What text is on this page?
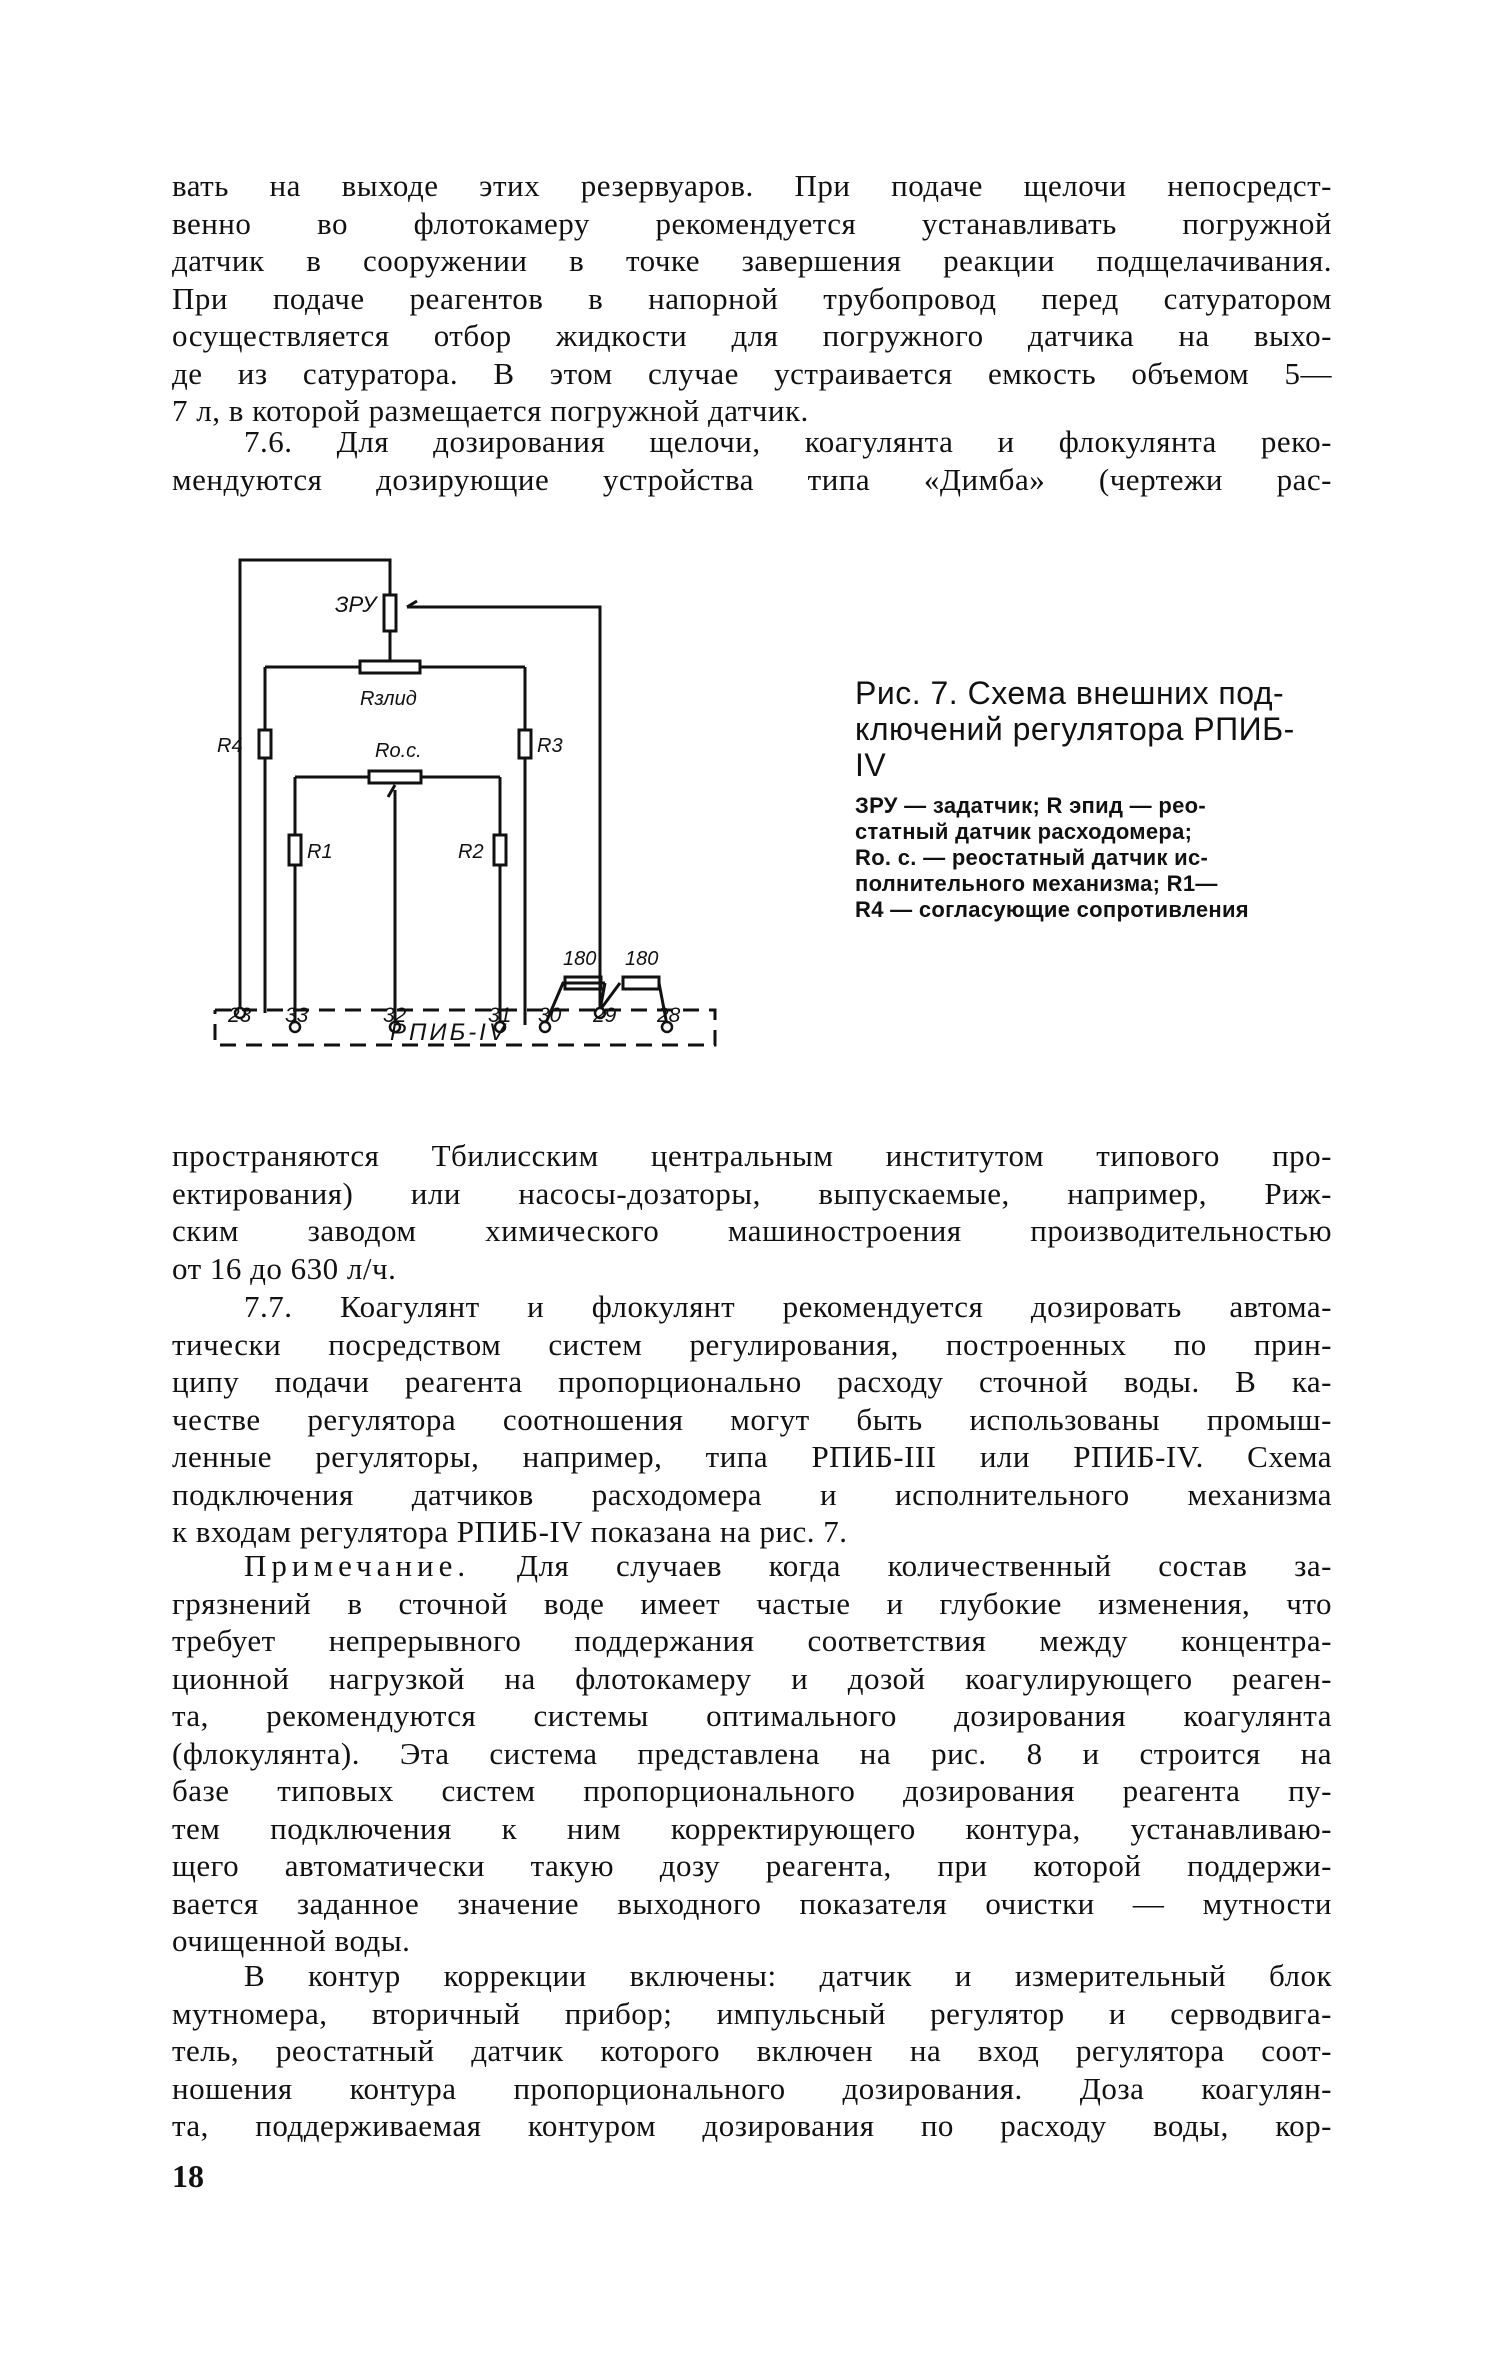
вать на выходе этих резервуаров. При подаче щелочи непосредст-
венно во флотокамеру рекомендуется устанавливать погружной
датчик в сооружении в точке завершения реакции подщелачивания.
При подаче реагентов в напорной трубопровод перед сатуратором
осуществляется отбор жидкости для погружного датчика на выхо-
де из сатуратора. В этом случае устраивается емкость объемом 5—
7 л, в которой размещается погружной датчик.

7.6. Для дозирования щелочи, коагулянта и флокулянта реко-
мендуются дозирующие устройства типа «Димба» (чертежи рас-

ЗРУ
Rзлид
Rо.с.
R4	R3
R1	R2
180 180
23 33	32	31 30 29 28
РПИБ-IV

Рис. 7. Схема внешних под-
ключений регулятора РПИБ-
IV

ЗРУ — задатчик; R эпид — рео-
статный датчик расходомера;
Rо. с. — реостатный датчик ис-
полнительного механизма; R1—
R4 — согласующие сопротивления

пространяются Тбилисским центральным институтом типового про-
ектирования) или насосы-дозаторы, выпускаемые, например, Риж-
ским заводом химического машиностроения производительностью
от 16 до 630 л/ч.

7.7. Коагулянт и флокулянт рекомендуется дозировать автома-
тически посредством систем регулирования, построенных по прин-
ципу подачи реагента пропорционально расходу сточной воды. В ка-
честве регулятора соотношения могут быть использованы промыш-
ленные регуляторы, например, типа РПИБ-III или РПИБ-IV. Схема
подключения датчиков расходомера и исполнительного механизма
к входам регулятора РПИБ-IV показана на рис. 7.

Примечание. Для случаев когда количественный состав за-
грязнений в сточной воде имеет частые и глубокие изменения, что
требует непрерывного поддержания соответствия между концентра-
ционной нагрузкой на флотокамеру и дозой коагулирующего реаген-
та, рекомендуются системы оптимального дозирования коагулянта
(флокулянта). Эта система представлена на рис. 8 и строится на
базе типовых систем пропорционального дозирования реагента пу-
тем подключения к ним корректирующего контура, устанавливаю-
щего автоматически такую дозу реагента, при которой поддержи-
вается заданное значение выходного показателя очистки — мутности
очищенной воды.

В контур коррекции включены: датчик и измерительный блок
мутномера, вторичный прибор; импульсный регулятор и серводвига-
тель, реостатный датчик которого включен на вход регулятора соот-
ношения контура пропорционального дозирования. Доза коагулян-
та, поддерживаемая контуром дозирования по расходу воды, кор-

18
